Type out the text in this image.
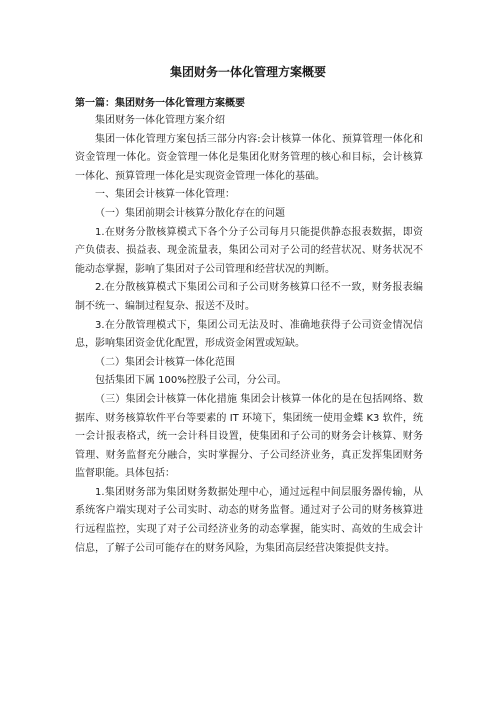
集团财务一体化管理方案概要
第一篇：集团财务一体化管理方案概要

集团财务一体化管理方案介绍

集团一体化管理方案包括三部分内容:会计核算一体化、预算管理一体化和资金管理一体化。资金管理一体化是集团化财务管理的核心和目标，会计核算一体化、预算管理一体化是实现资金管理一体化的基础。

一、集团会计核算一体化管理：

（一）集团前期会计核算分散化存在的问题

1.在财务分散核算模式下各个分子公司每月只能提供静态报表数据，即资产负债表、损益表、现金流量表，集团公司对子公司的经营状况、财务状况不能动态掌握，影响了集团对子公司管理和经营状况的判断。

2.在分散核算模式下集团公司和子公司财务核算口径不一致，财务报表编制不统一、编制过程复杂、报送不及时。

3.在分散管理模式下，集团公司无法及时、准确地获得子公司资金情况信息，影响集团资金优化配置，形成资金闲置或短缺。

（二）集团会计核算一体化范围

包括集团下属 100%控股子公司，分公司。

（三）集团会计核算一体化措施 集团会计核算一体化的是在包括网络、数据库、财务核算软件平台等要素的 IT 环境下，集团统一使用金蝶 K3 软件，统一会计报表格式，统一会计科目设置，使集团和子公司的财务会计核算、财务管理、财务监督充分融合，实时掌握分、子公司经济业务，真正发挥集团财务监督职能。具体包括：

1.集团财务部为集团财务数据处理中心，通过远程中间层服务器传输，从系统客户端实现对子公司实时、动态的财务监督。通过对子公司的财务核算进行远程监控，实现了对子公司经济业务的动态掌握，能实时、高效的生成会计信息，了解子公司可能存在的财务风险，为集团高层经营决策提供支持。
